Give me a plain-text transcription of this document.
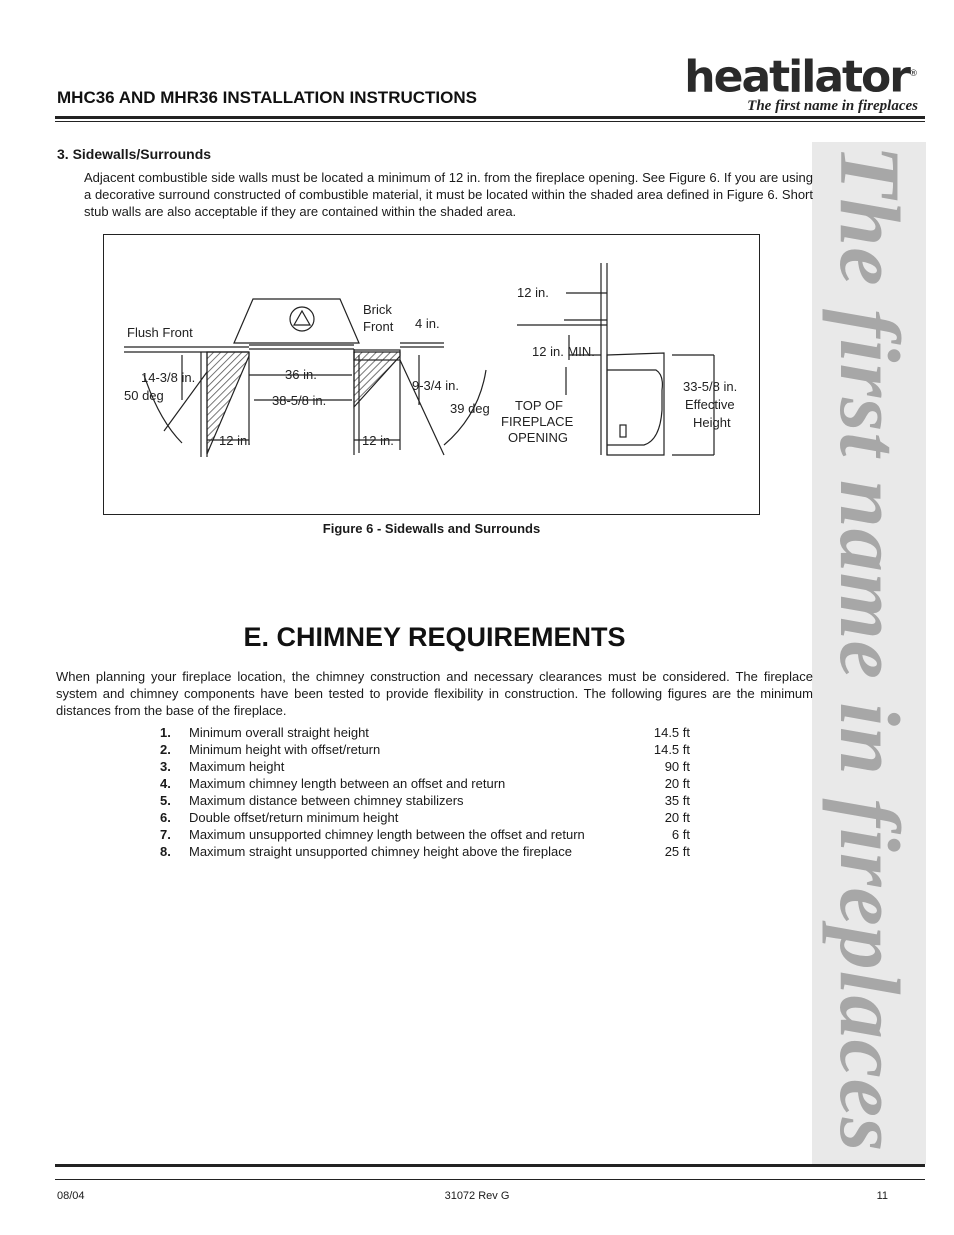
MHC36 AND MHR36 INSTALLATION INSTRUCTIONS	heatilator®
The first name in fireplaces
The first name in fireplaces
3. Sidewalls/Surrounds
Adjacent combustible side walls must be located a minimum of 12 in. from the fireplace opening. See Figure 6. If you are using a decorative surround constructed of combustible material, it must be located within the shaded area defined in Figure 6. Short stub walls are also acceptable if they are contained within the shaded area.
Flush Front
Brick
Front 4 in.
14-3/8 in.
50 deg
36 in.
38-5/8 in.
9-3/4 in.
39 deg
12 in.	12 in.
12 in.
12 in. MIN.
TOP OF
FIREPLACE
OPENING
33-5/8 in.
Effective
Height
Figure 6 - Sidewalls and Surrounds
E. CHIMNEY REQUIREMENTS
When planning your fireplace location, the chimney construction and necessary clearances must be considered. The fireplace system and chimney components have been tested to provide flexibility in construction. The following figures are the minimum distances from the base of the fireplace.
1. Minimum overall straight height	14.5 ft
2. Minimum height with offset/return	14.5 ft
3. Maximum height	90 ft
4. Maximum chimney length between an offset and return	20 ft
5. Maximum distance between chimney stabilizers	35 ft
6. Double offset/return minimum height	20 ft
7. Maximum unsupported chimney length between the offset and return	6 ft
8. Maximum straight unsupported chimney height above the fireplace	25 ft
08/04	31072 Rev G	11
